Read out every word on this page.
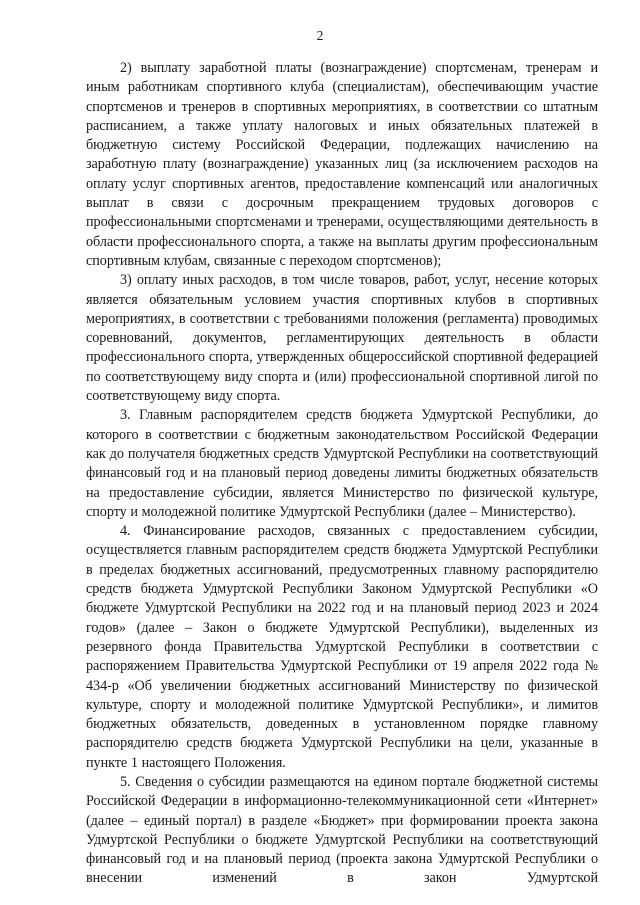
2

2) выплату заработной платы (вознаграждение) спортсменам, тренерам и иным работникам спортивного клуба (специалистам), обеспечивающим участие спортсменов и тренеров в спортивных мероприятиях, в соответствии со штатным расписанием, а также уплату налоговых и иных обязательных платежей в бюджетную систему Российской Федерации, подлежащих начислению на заработную плату (вознаграждение) указанных лиц (за исключением расходов на оплату услуг спортивных агентов, предоставление компенсаций или аналогичных выплат в связи с досрочным прекращением трудовых договоров с профессиональными спортсменами и тренерами, осуществляющими деятельность в области профессионального спорта, а также на выплаты другим профессиональным спортивным клубам, связанные с переходом спортсменов);

3) оплату иных расходов, в том числе товаров, работ, услуг, несение которых является обязательным условием участия спортивных клубов в спортивных мероприятиях, в соответствии с требованиями положения (регламента) проводимых соревнований, документов, регламентирующих деятельность в области профессионального спорта, утвержденных общероссийской спортивной федерацией по соответствующему виду спорта и (или) профессиональной спортивной лигой по соответствующему виду спорта.

3. Главным распорядителем средств бюджета Удмуртской Республики, до которого в соответствии с бюджетным законодательством Российской Федерации как до получателя бюджетных средств Удмуртской Республики на соответствующий финансовый год и на плановый период доведены лимиты бюджетных обязательств на предоставление субсидии, является Министерство по физической культуре, спорту и молодежной политике Удмуртской Республики (далее – Министерство).

4. Финансирование расходов, связанных с предоставлением субсидии, осуществляется главным распорядителем средств бюджета Удмуртской Республики в пределах бюджетных ассигнований, предусмотренных главному распорядителю средств бюджета Удмуртской Республики Законом Удмуртской Республики «О бюджете Удмуртской Республики на 2022 год и на плановый период 2023 и 2024 годов» (далее – Закон о бюджете Удмуртской Республики), выделенных из резервного фонда Правительства Удмуртской Республики в соответствии с распоряжением Правительства Удмуртской Республики от 19 апреля 2022 года № 434-р «Об увеличении бюджетных ассигнований Министерству по физической культуре, спорту и молодежной политике Удмуртской Республики», и лимитов бюджетных обязательств, доведенных в установленном порядке главному распорядителю средств бюджета Удмуртской Республики на цели, указанные в пункте 1 настоящего Положения.

5. Сведения о субсидии размещаются на едином портале бюджетной системы Российской Федерации в информационно-телекоммуникационной сети «Интернет» (далее – единый портал) в разделе «Бюджет» при формировании проекта закона Удмуртской Республики о бюджете Удмуртской Республики на соответствующий финансовый год и на плановый период (проекта закона Удмуртской Республики о внесении изменений в закон Удмуртской
